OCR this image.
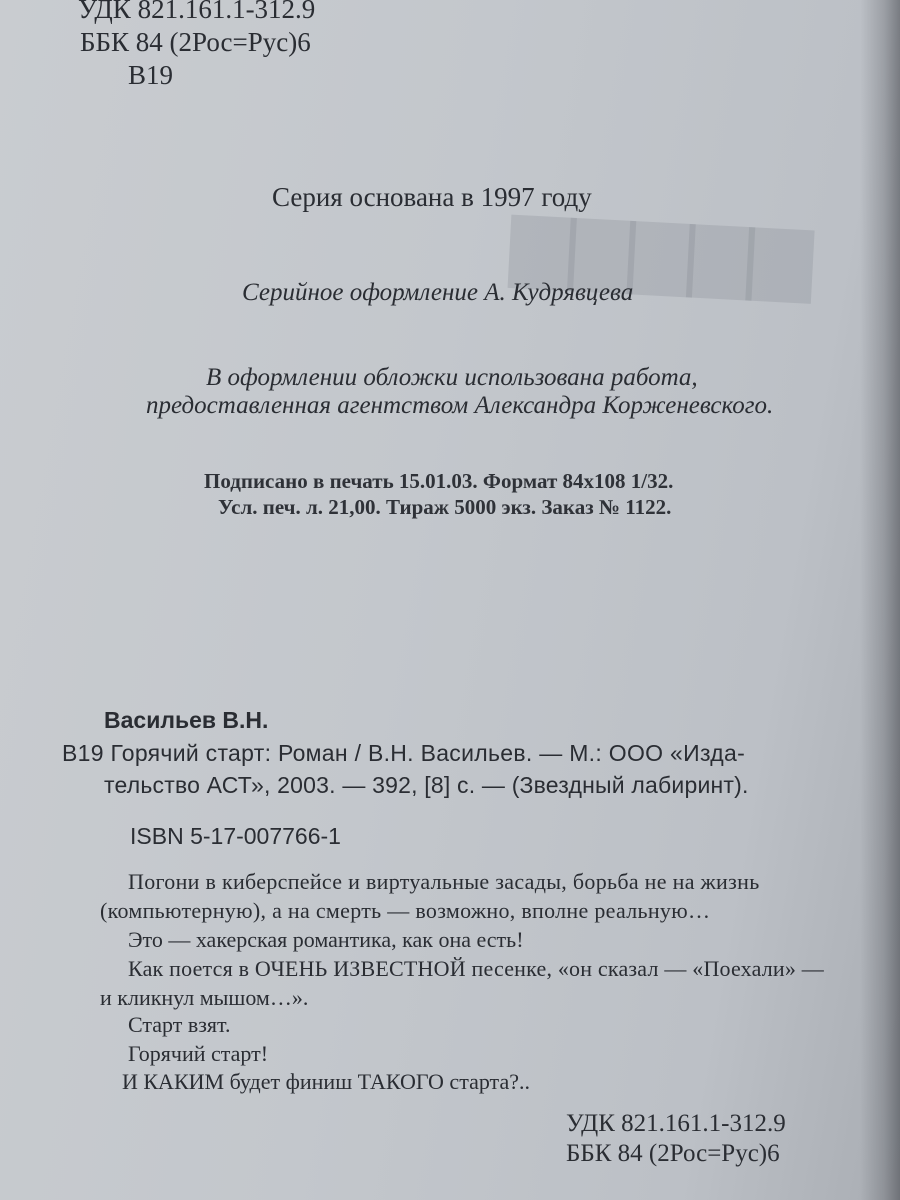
▆▆▆▆▆
УДК 821.161.1-312.9
ББК 84 (2Рос=Рус)6
В19
Серия основана в 1997 году
Серийное оформление А. Кудрявцева
В оформлении обложки использована работа,
предоставленная агентством Александра Корженевского.
Подписано в печать 15.01.03. Формат 84х108 1/32.
Усл. печ. л. 21,00. Тираж 5000 экз. Заказ № 1122.
Васильев В.Н.
В19 Горячий старт: Роман / В.Н. Васильев. — М.: ООО «Изда-
тельство АСТ», 2003. — 392, [8] с. — (Звездный лабиринт).
ISBN 5-17-007766-1
Погони в киберспейсе и виртуальные засады, борьба не на жизнь
(компьютерную), а на смерть — возможно, вполне реальную…
Это — хакерская романтика, как она есть!
Как поется в ОЧЕНЬ ИЗВЕСТНОЙ песенке, «он сказал — «Поехали» —
и кликнул мышом…».
Старт взят.
Горячий старт!
И КАКИМ будет финиш ТАКОГО старта?..
УДК 821.161.1-312.9
ББК 84 (2Рос=Рус)6
